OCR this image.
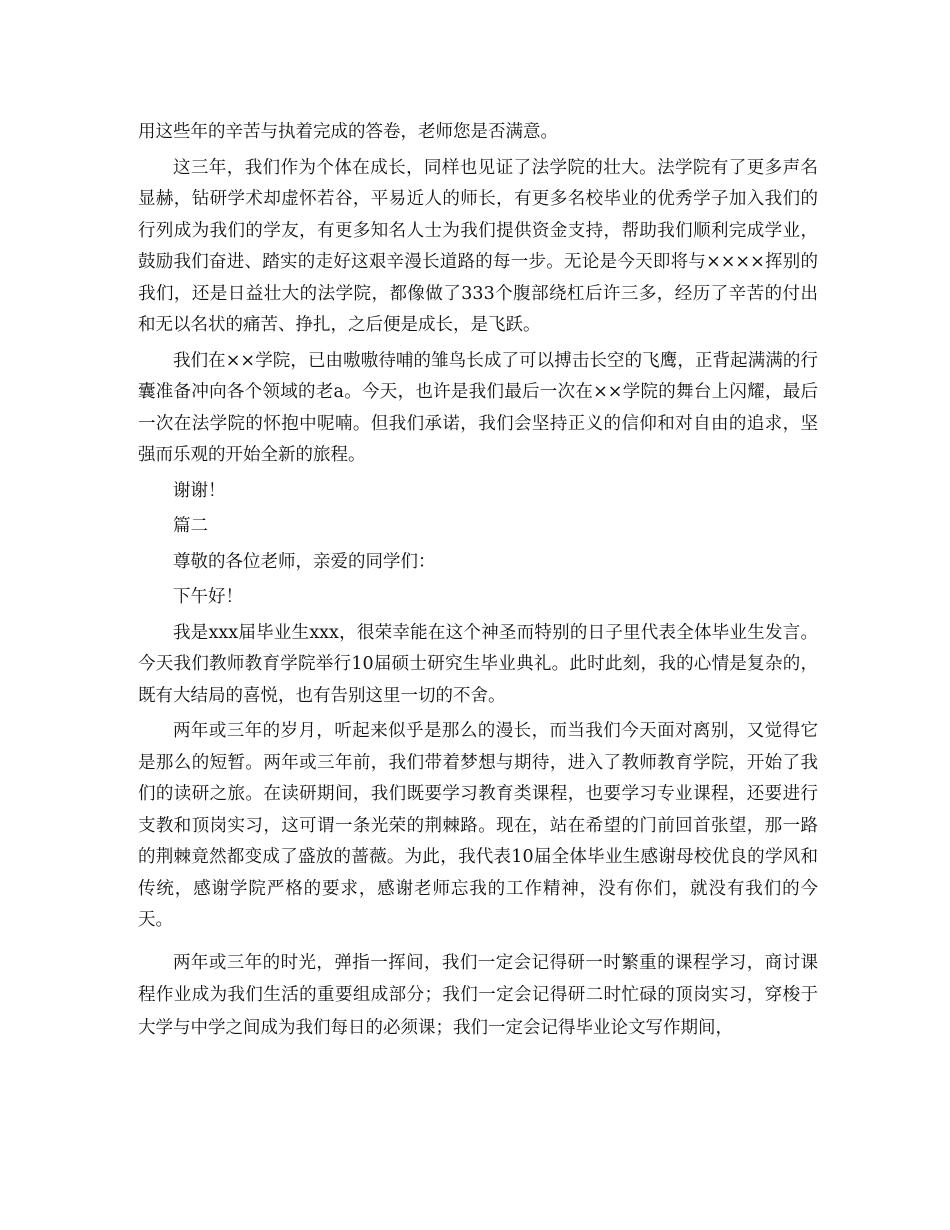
用这些年的辛苦与执着完成的答卷，老师您是否满意。

这三年，我们作为个体在成长，同样也见证了法学院的壮大。法学院有了更多声名显赫，钻研学术却虚怀若谷，平易近人的师长，有更多名校毕业的优秀学子加入我们的行列成为我们的学友，有更多知名人士为我们提供资金支持，帮助我们顺利完成学业，鼓励我们奋进、踏实的走好这艰辛漫长道路的每一步。无论是今天即将与××××挥别的我们，还是日益壮大的法学院，都像做了333个腹部绕杠后许三多，经历了辛苦的付出和无以名状的痛苦、挣扎，之后便是成长，是飞跃。

我们在××学院，已由嗷嗷待哺的雏鸟长成了可以搏击长空的飞鹰，正背起满满的行囊准备冲向各个领域的老a。今天，也许是我们最后一次在××学院的舞台上闪耀，最后一次在法学院的怀抱中呢喃。但我们承诺，我们会坚持正义的信仰和对自由的追求，坚强而乐观的开始全新的旅程。

谢谢！

篇二

尊敬的各位老师，亲爱的同学们：

下午好！

我是xxx届毕业生xxx，很荣幸能在这个神圣而特别的日子里代表全体毕业生发言。今天我们教师教育学院举行10届硕士研究生毕业典礼。此时此刻，我的心情是复杂的，既有大结局的喜悦，也有告别这里一切的不舍。

两年或三年的岁月，听起来似乎是那么的漫长，而当我们今天面对离别，又觉得它是那么的短暂。两年或三年前，我们带着梦想与期待，进入了教师教育学院，开始了我们的读研之旅。在读研期间，我们既要学习教育类课程，也要学习专业课程，还要进行支教和顶岗实习，这可谓一条光荣的荆棘路。现在，站在希望的门前回首张望，那一路的荆棘竟然都变成了盛放的蔷薇。为此，我代表10届全体毕业生感谢母校优良的学风和传统，感谢学院严格的要求，感谢老师忘我的工作精神，没有你们，就没有我们的今天。

两年或三年的时光，弹指一挥间，我们一定会记得研一时繁重的课程学习，商讨课程作业成为我们生活的重要组成部分；我们一定会记得研二时忙碌的顶岗实习，穿梭于大学与中学之间成为我们每日的必须课；我们一定会记得毕业论文写作期间，
